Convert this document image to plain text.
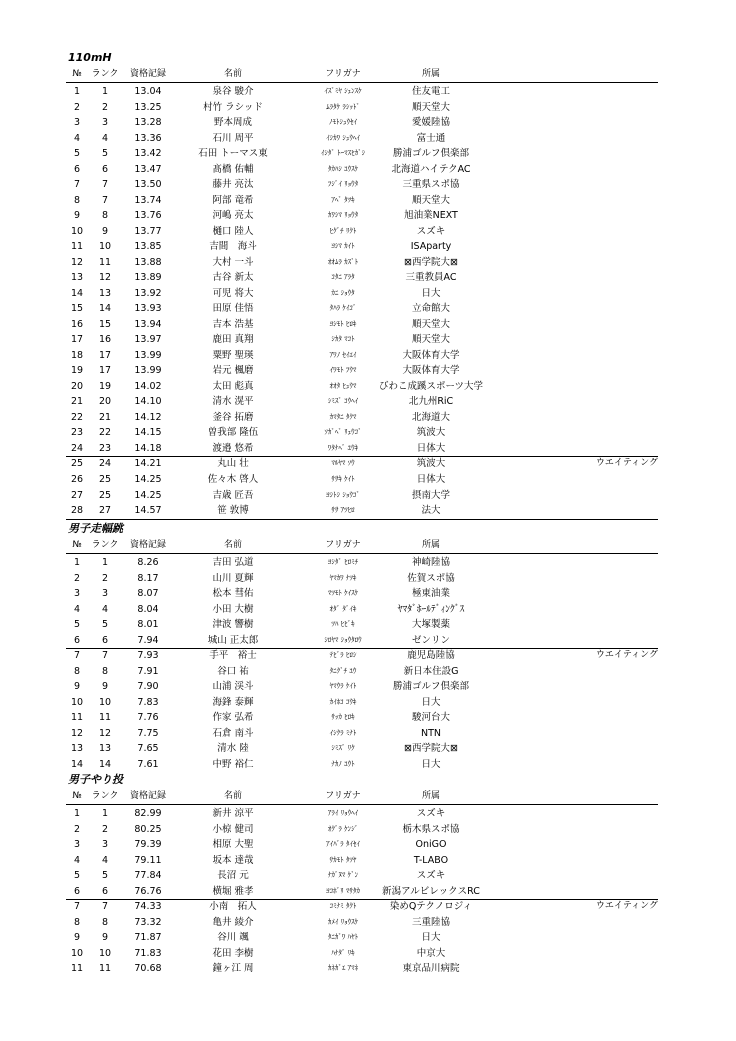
110mH
№	ランク	資格記録	名前	フリガナ	所属
1	1	13.04	泉谷 駿介	ｲｽﾞﾐﾔ ｼｭﾝｽｹ	住友電工
2	2	13.25	村竹 ラシッド	ﾑﾗﾀｹ ﾗｼｯﾄﾞ	順天堂大
3	3	13.28	野本周成	ﾉﾓﾄｼｭｳｾｲ	愛媛陸協
4	4	13.36	石川 周平	ｲｼｶﾜ ｼｭｳﾍｲ	富士通
5	5	13.42	石田 トーマス東	ｲｼﾀﾞ ﾄｰﾏｽﾋｶﾞｼ	勝浦ゴルフ倶楽部
6	6	13.47	髙橋 佑輔	ﾀｶﾊｼ ﾕｳｽｹ	北海道ハイテクAC
7	7	13.50	藤井 亮汰	ﾌｼﾞｲ ﾘｮｳﾀ	三重県スポ協
8	7	13.74	阿部 竜希	ｱﾍﾞ ﾀﾂｷ	順天堂大
9	8	13.76	河嶋 亮太	ｶﾜｼﾏ ﾘｮｳﾀ	旭油業NEXT
10	9	13.77	樋口 陸人	ﾋｸﾞﾁ ﾘｸﾄ	スズキ
11	10	13.85	吉間　海斗	ﾖｼﾏ ｶｲﾄ	ISAparty
12	11	13.88	大村 一斗	ｵｵﾑﾗ ｶｽﾞﾄ	⊠西学院大⊠
13	12	13.89	古谷 新太	ｺﾀﾆ ｱﾗﾀ	三重教員AC
14	13	13.92	可児 将大	ｶﾆ ｼｮｳﾀ	日大
15	14	13.93	田原 佳悟	ﾀﾊﾗ ｹｲｺﾞ	立命館大
16	15	13.94	吉本 浩基	ﾖｼﾓﾄ ﾋﾛｷ	順天堂大
17	16	13.97	鹿田 真翔	ｼｶﾀ ﾏｺﾄ	順天堂大
18	17	13.99	粟野 聖瑛	ｱﾜﾉ ｾｲｴｲ	大阪体育大学
19	17	13.99	岩元 楓磨	ｲﾜﾓﾄ ﾌｳﾏ	大阪体育大学
20	19	14.02	太田 彪真	ｵｵﾀ ﾋｭｳﾏ	びわこ成蹊スポーツ大学
21	20	14.10	清水 滉平	ｼﾐｽﾞ ｺｳﾍｲ	北九州RiC
22	21	14.12	釜谷 拓磨	ｶﾏﾀﾆ ﾀｸﾏ	北海道大
23	22	14.15	曽我部 隆伍	ｿｶﾞﾍﾞ ﾘｭｳｺﾞ	筑波大
24	23	14.18	渡邉 悠希	ﾜﾀﾅﾍﾞ ﾕｳｷ	日体大
25	24	14.21	丸山 壮	ﾏﾙﾔﾏ ｿｳ	筑波大	ウエイティング
26	25	14.25	佐々木 啓人	ｻｻｷ ｹｲﾄ	日体大
27	25	14.25	吉歳 匠吾	ﾖｼﾄｼ ｼｮｳｺﾞ	摂南大学
28	27	14.57	笹 敦博	ｻｻ ｱﾂﾋﾛ	法大
男子走幅跳
№	ランク	資格記録	名前	フリガナ	所属
1	1	8.26	吉田 弘道	ﾖｼﾀﾞ ﾋﾛﾐﾁ	神崎陸協
2	2	8.17	山川 夏輝	ﾔﾏｶﾜ ﾅﾂｷ	佐賀スポ協
3	3	8.07	松本 彗佑	ﾏﾂﾓﾄ ｹｲｽｹ	極東油業
4	4	8.04	小田 大樹	ｵﾀﾞ ﾀﾞｲｷ	ﾔﾏﾀﾞﾎｰﾙﾃﾞｨﾝｸﾞｽ
5	5	8.01	津波 響樹	ﾂﾊ ﾋﾋﾞｷ	大塚製薬
6	6	7.94	城山 正太郎	ｼﾛﾔﾏ ｼｮｳﾀﾛｳ	ゼンリン
7	7	7.93	手平　裕士	ﾃﾋﾞﾗ ﾋﾛｼ	鹿児島陸協	ウエイティング
8	8	7.91	谷口 祐	ﾀﾆｸﾞﾁ ﾕｳ	新日本住設G
9	9	7.90	山浦 渓斗	ﾔﾏｳﾗ ｹｲﾄ	勝浦ゴルフ倶楽部
10	10	7.83	海鋒 泰輝	ｶｲﾎｺ ｺｳｷ	日大
11	11	7.76	作家 弘希	ｻｯｶ ﾋﾛｷ	駿河台大
12	12	7.75	石倉 南斗	ｲｼｸﾗ ﾐﾅﾄ	NTN
13	13	7.65	清水 陸	ｼﾐｽﾞ ﾘｸ	⊠西学院大⊠
14	14	7.61	中野 裕仁	ﾅｶﾉ ﾕｳﾄ	日大
男子やり投
№	ランク	資格記録	名前	フリガナ	所属
1	1	82.99	新井 涼平	ｱﾗｲ ﾘｮｳﾍｲ	スズキ
2	2	80.25	小椋 健司	ｵｸﾞﾗ ｹﾝｼﾞ	栃木県スポ協
3	3	79.39	相原 大聖	ｱｲﾊﾞﾗ ﾀｲｾｲ	OniGO
4	4	79.11	坂本 達哉	ｻｶﾓﾄ ﾀﾂﾔ	T-LABO
5	5	77.84	長沼 元	ﾅｶﾞﾇﾏ ｹﾞﾝ	スズキ
6	6	76.76	横堀 雅孝	ﾖｺﾎﾞﾘ ﾏｻﾀｶ	新潟アルビレックスRC
7	7	74.33	小南　拓人	ｺﾐﾅﾐ ﾀｸﾄ	染めQテクノロジィ	ウエイティング
8	8	73.32	亀井 綾介	ｶﾒｲ ﾘｮｳｽｹ	三重陸協
9	9	71.87	谷川 颯	ﾀﾆｶﾞﾜ ﾊﾔﾄ	日大
10	10	71.83	花田 李樹	ﾊﾅﾀﾞ ﾘｷ	中京大
11	11	70.68	鐘ヶ江 周	ｶﾈｶﾞｴ ｱﾏﾈ	東京品川病院
